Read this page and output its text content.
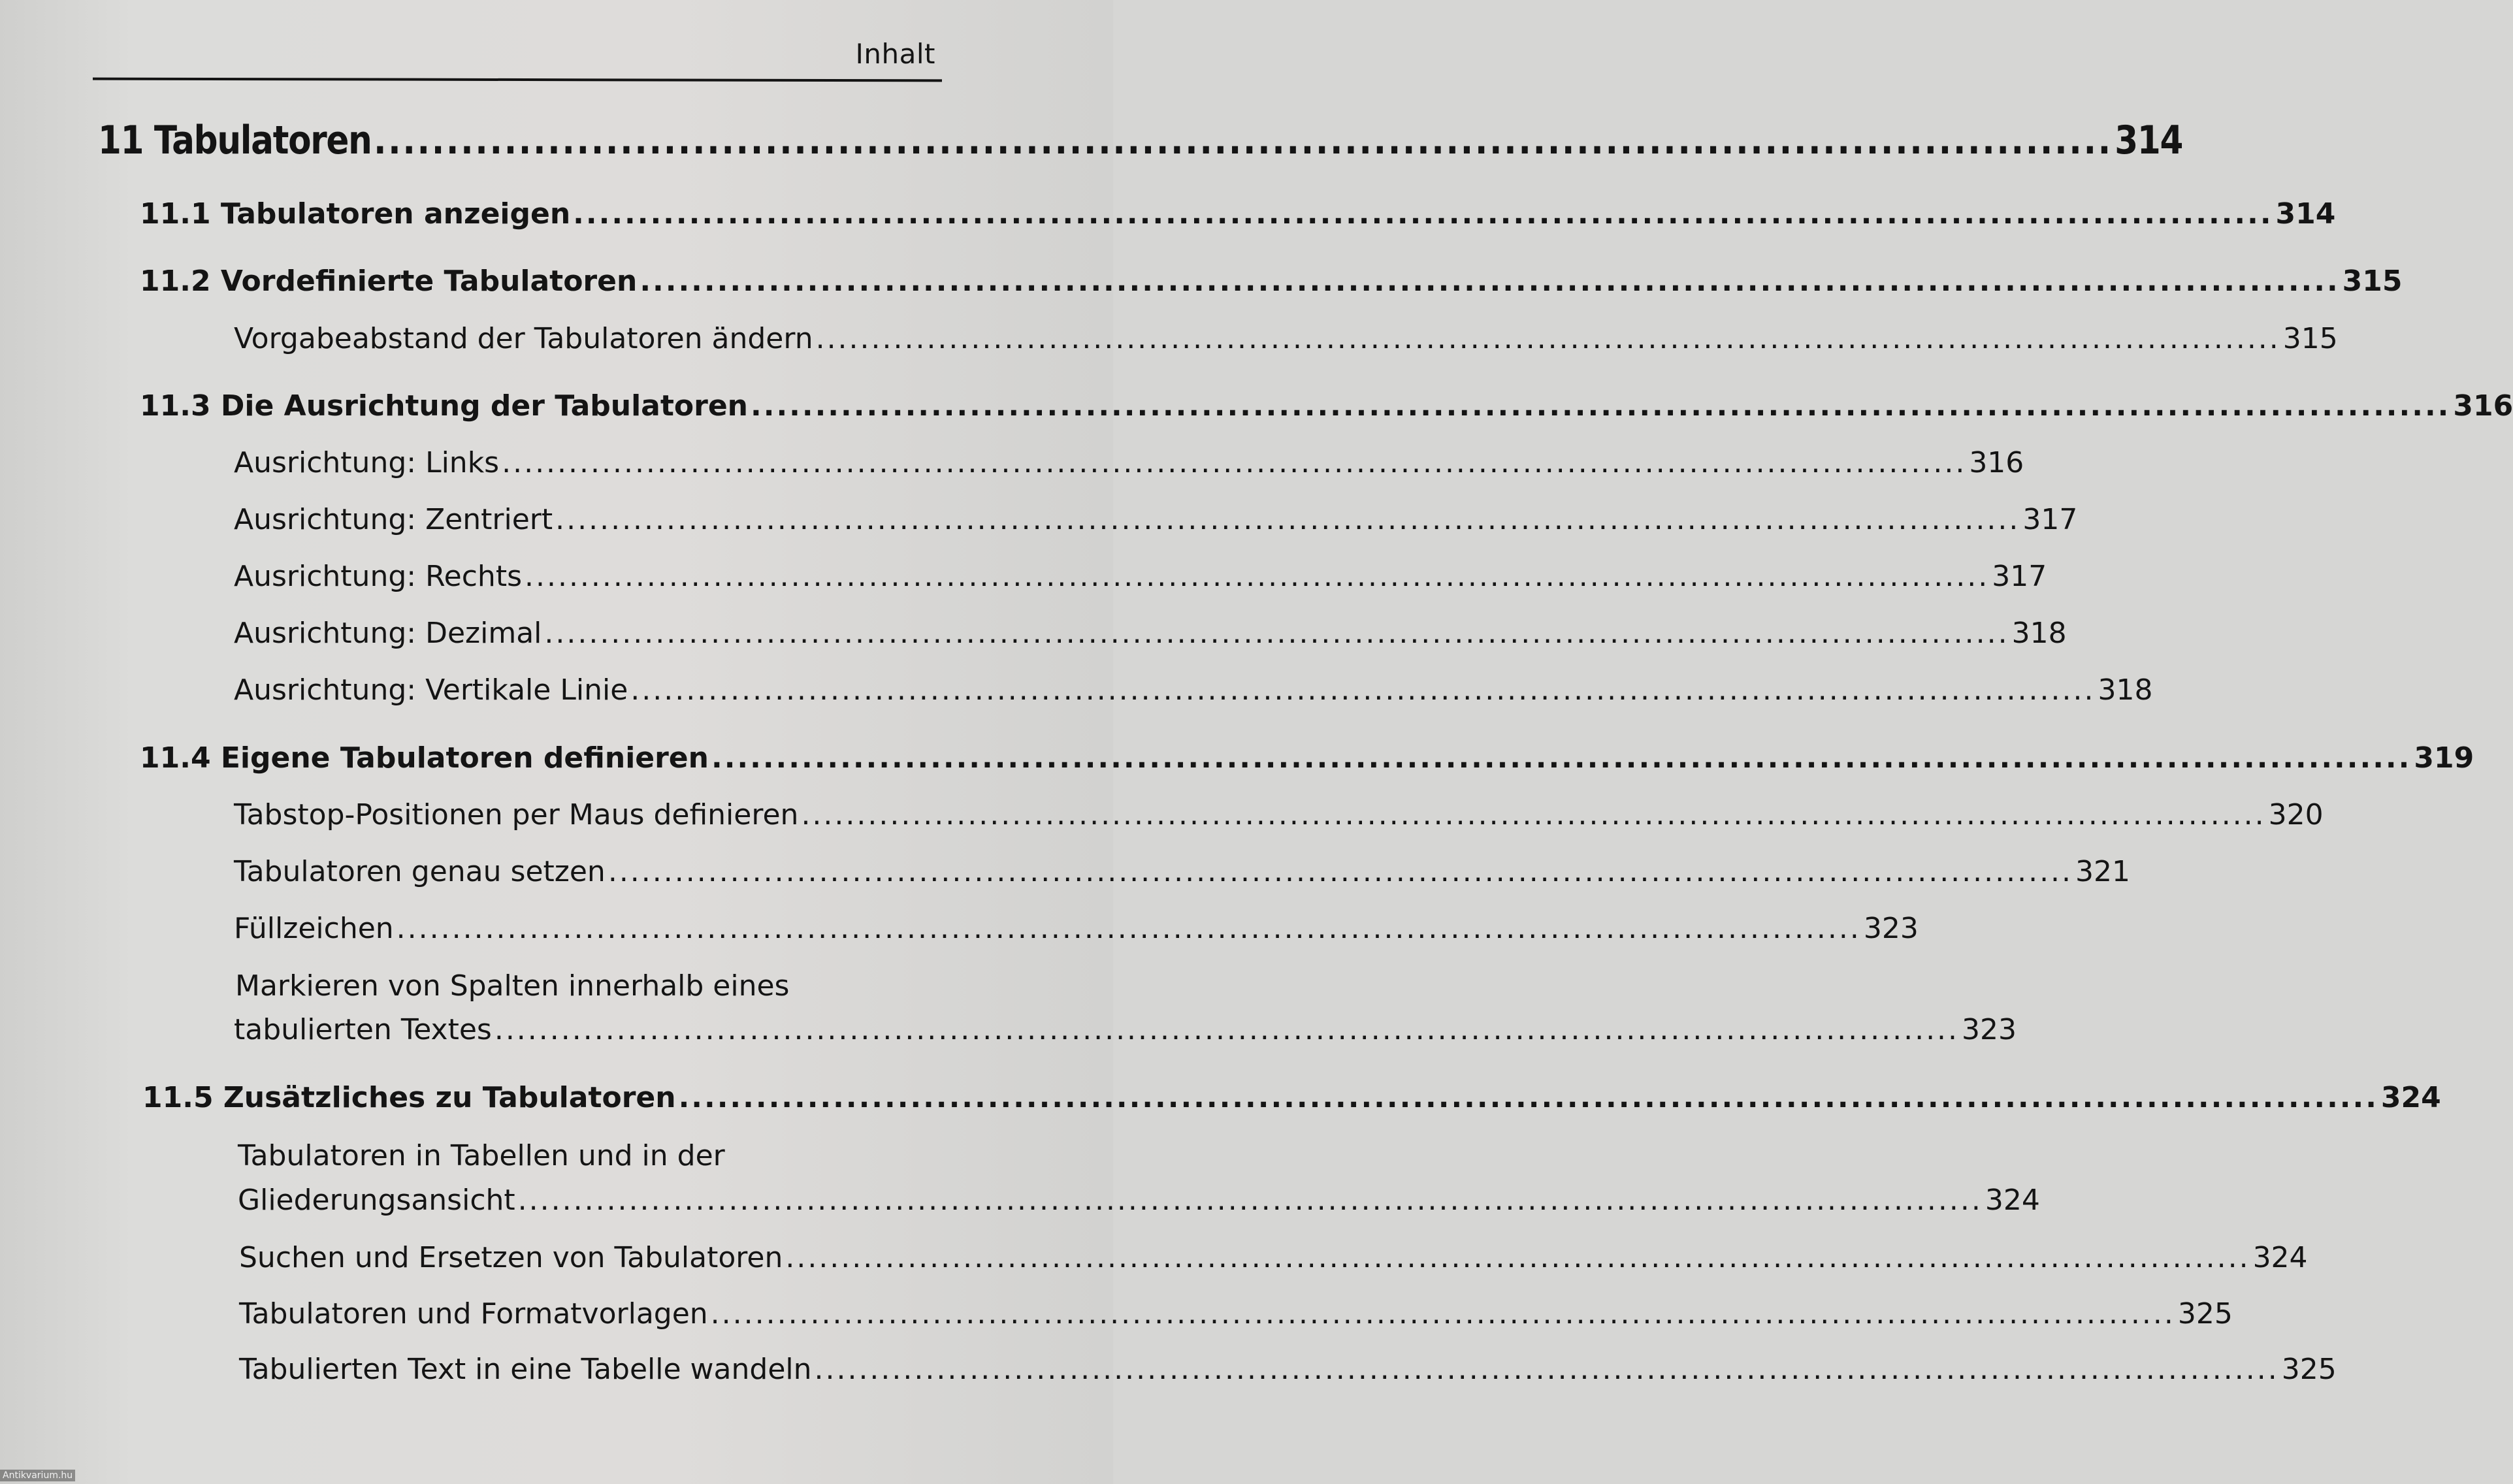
Inhalt
11 Tabulatoren ........................................................................................................................ 314
11.1 Tabulatoren anzeigen .................................................................................................................................... 314
11.2 Vordefinierte Tabulatoren .................................................................................................................................... 315
Vorgabeabstand der Tabulatoren ändern .................................................................................................................................... 315
11.3 Die Ausrichtung der Tabulatoren .................................................................................................................................... 316
Ausrichtung: Links .................................................................................................................................... 316
Ausrichtung: Zentriert .................................................................................................................................... 317
Ausrichtung: Rechts .................................................................................................................................... 317
Ausrichtung: Dezimal .................................................................................................................................... 318
Ausrichtung: Vertikale Linie .................................................................................................................................... 318
11.4 Eigene Tabulatoren definieren .................................................................................................................................... 319
Tabstop-Positionen per Maus definieren .................................................................................................................................... 320
Tabulatoren genau setzen .................................................................................................................................... 321
Füllzeichen .................................................................................................................................... 323
Markieren von Spalten innerhalb eines
tabulierten Textes .................................................................................................................................... 323
11.5 Zusätzliches zu Tabulatoren .................................................................................................................................... 324
Tabulatoren in Tabellen und in der
Gliederungsansicht .................................................................................................................................... 324
Suchen und Ersetzen von Tabulatoren .................................................................................................................................... 324
Tabulatoren und Formatvorlagen .................................................................................................................................... 325
Tabulierten Text in eine Tabelle wandeln .................................................................................................................................... 325
Antikvarium.hu
